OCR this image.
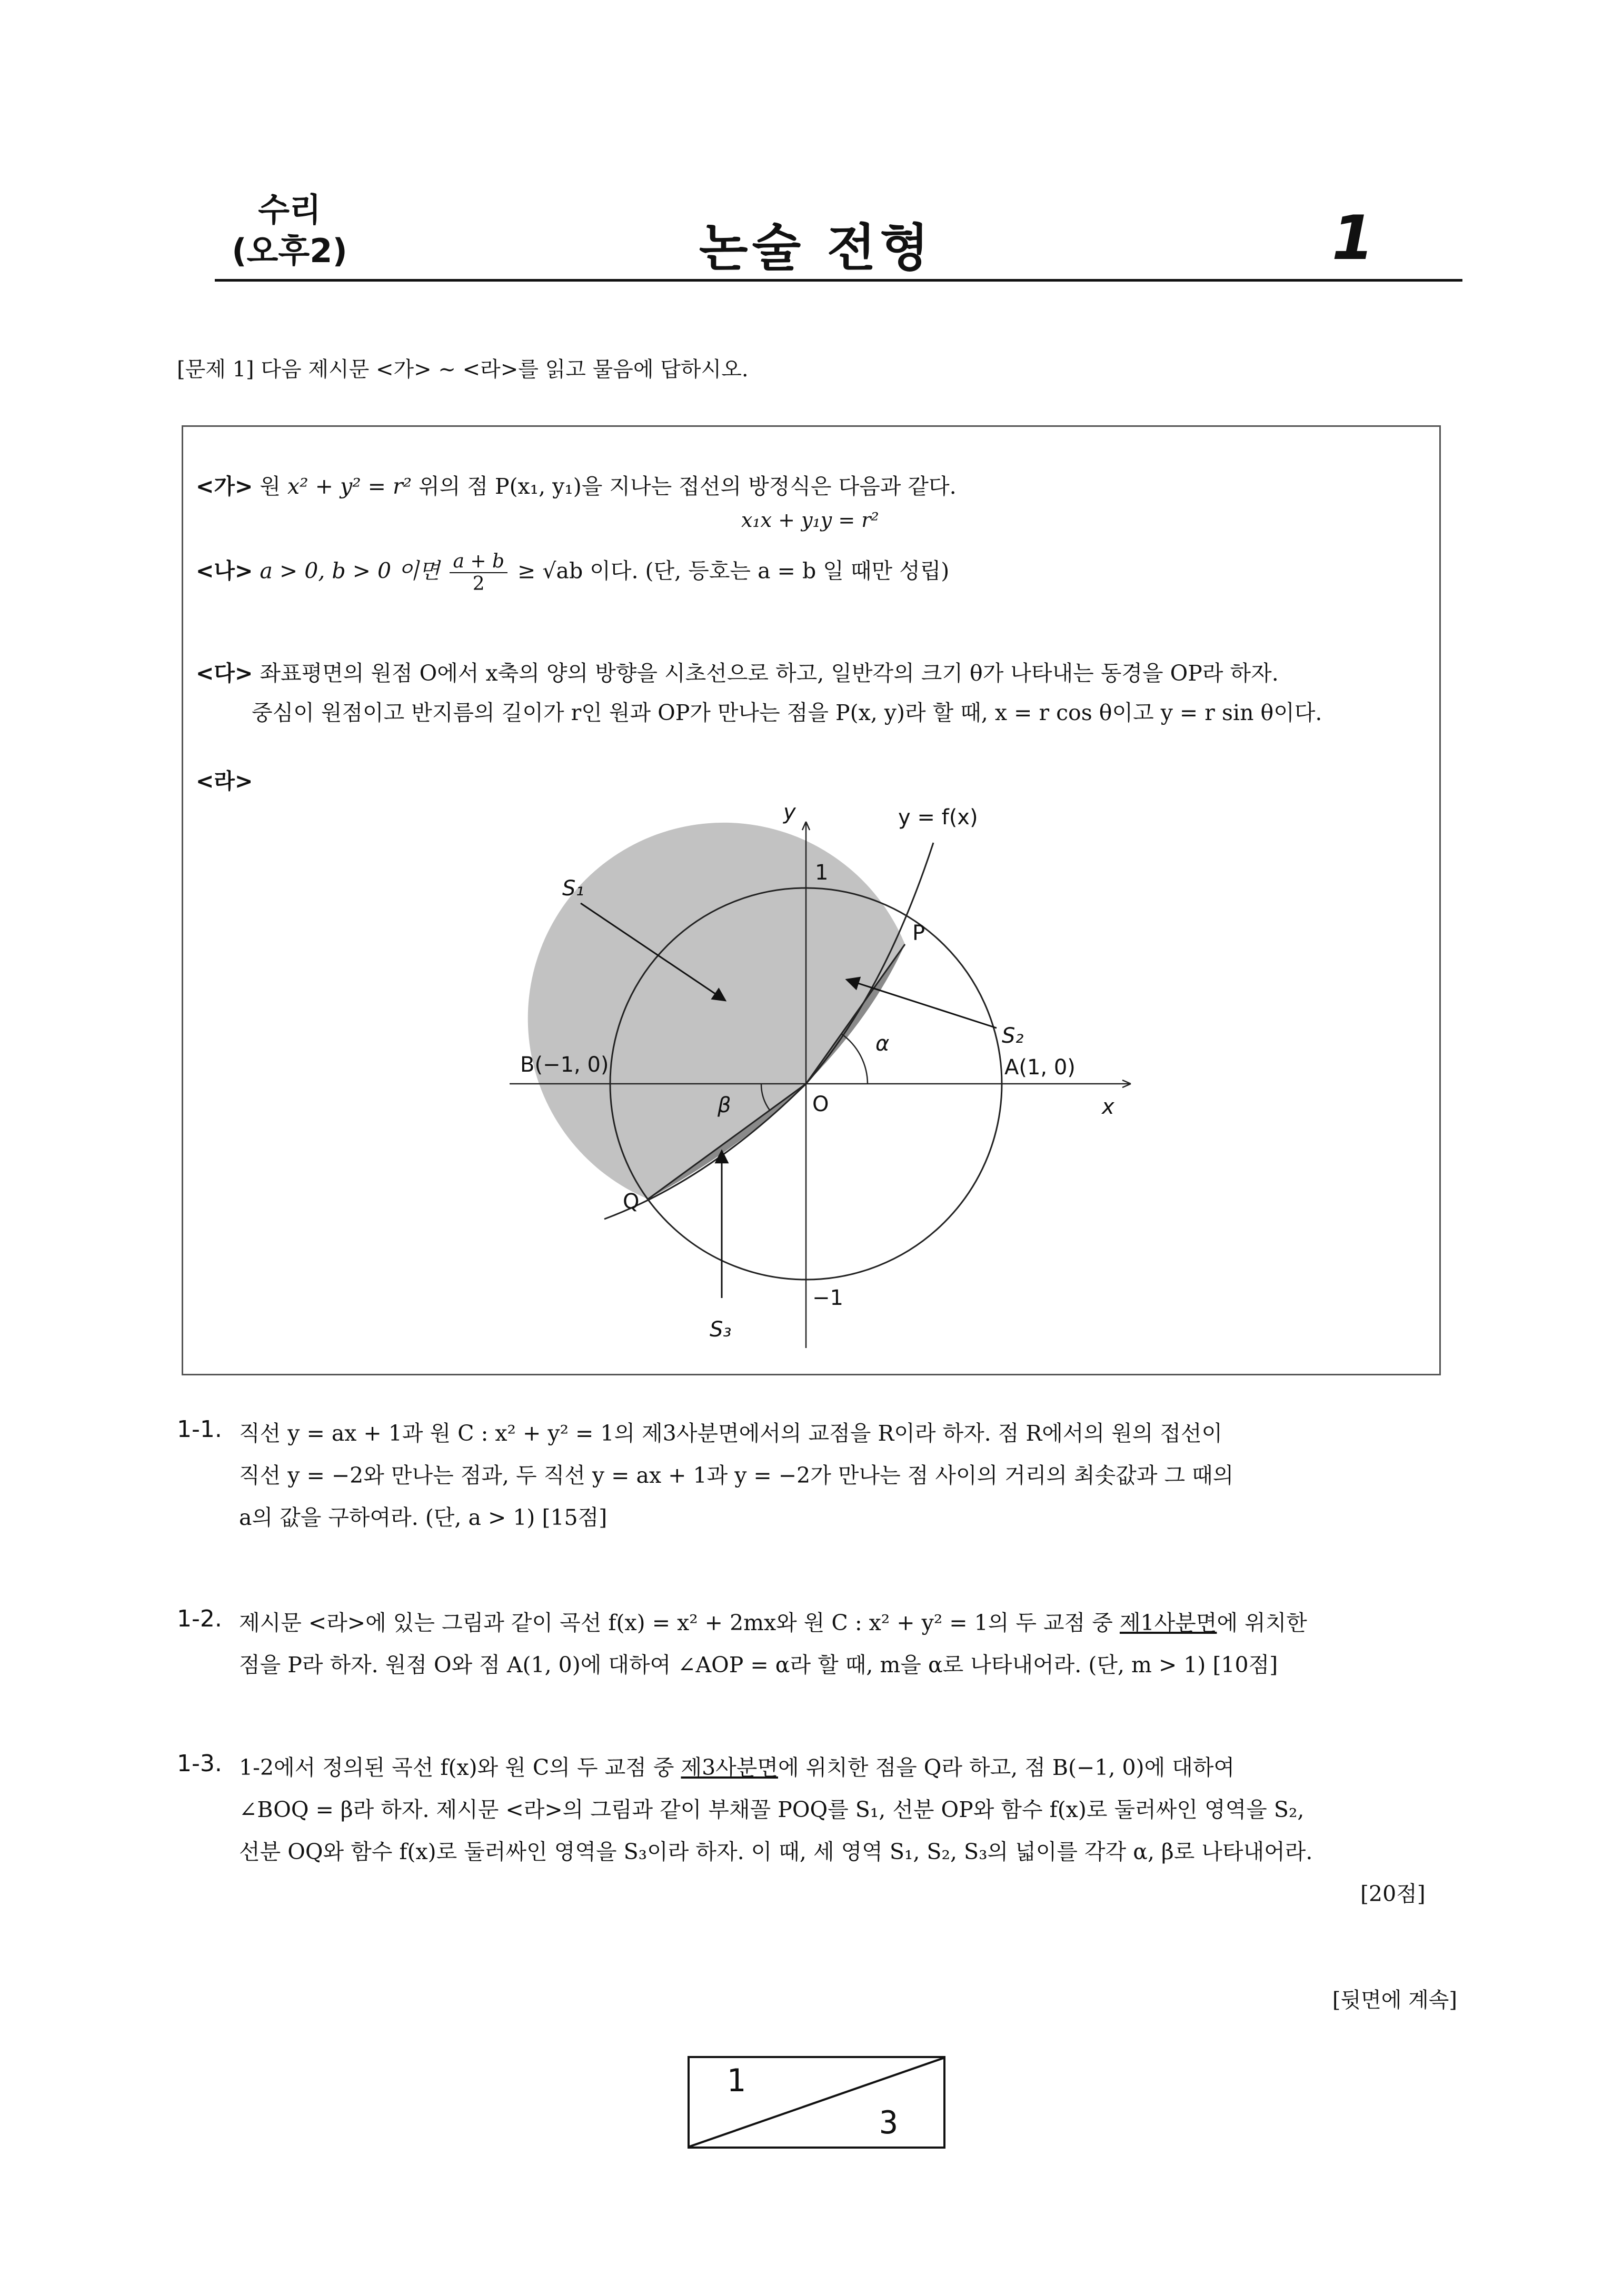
수리
(오후2)	논술 전형	1
[문제 1] 다음 제시문 <가> ~ <라>를 읽고 물음에 답하시오.
<가> 원 x² + y² = r² 위의 점 P(x₁, y₁)을 지나는 접선의 방정식은 다음과 같다.
x₁x + y₁y = r²
<나> a > 0, b > 0 이면 $\frac{a + b}{2} \ge √ab$ 이다. (단, 등호는 a = b 일 때만 성립)
<다> 좌표평면의 원점 O에서 x축의 양의 방향을 시초선으로 하고, 일반각의 크기 θ가 나타내는 동경을 OP라 하자.
중심이 원점이고 반지름의 길이가 r인 원과 OP가 만나는 점을 P(x, y)라 할 때, x = r cos θ이고 y = r sin θ이다.
<라>
y
x
y = f(x)
1
−1
S₁
S₂
S₃
P
Q
O
A(1, 0)
B(−1, 0)
α
β
1-1. 직선 y = ax + 1과 원 C : x² + y² = 1의 제3사분면에서의 교점을 R이라 하자. 점 R에서의 원의 접선이
직선 y = −2와 만나는 점과, 두 직선 y = ax + 1과 y = −2가 만나는 점 사이의 거리의 최솟값과 그 때의
a의 값을 구하여라. (단, a > 1) [15점]
1-2. 제시문 <라>에 있는 그림과 같이 곡선 f(x) = x² + 2mx와 원 C : x² + y² = 1의 두 교점 중 제1사분면에 위치한
점을 P라 하자. 원점 O와 점 A(1, 0)에 대하여 ∠AOP = α라 할 때, m을 α로 나타내어라. (단, m > 1) [10점]
1-3. 1-2에서 정의된 곡선 f(x)와 원 C의 두 교점 중 제3사분면에 위치한 점을 Q라 하고, 점 B(−1, 0)에 대하여
∠BOQ = β라 하자. 제시문 <라>의 그림과 같이 부채꼴 POQ를 S₁, 선분 OP와 함수 f(x)로 둘러싸인 영역을 S₂,
선분 OQ와 함수 f(x)로 둘러싸인 영역을 S₃이라 하자. 이 때, 세 영역 S₁, S₂, S₃의 넓이를 각각 α, β로 나타내어라.
[20점]
[뒷면에 계속]
1
3
